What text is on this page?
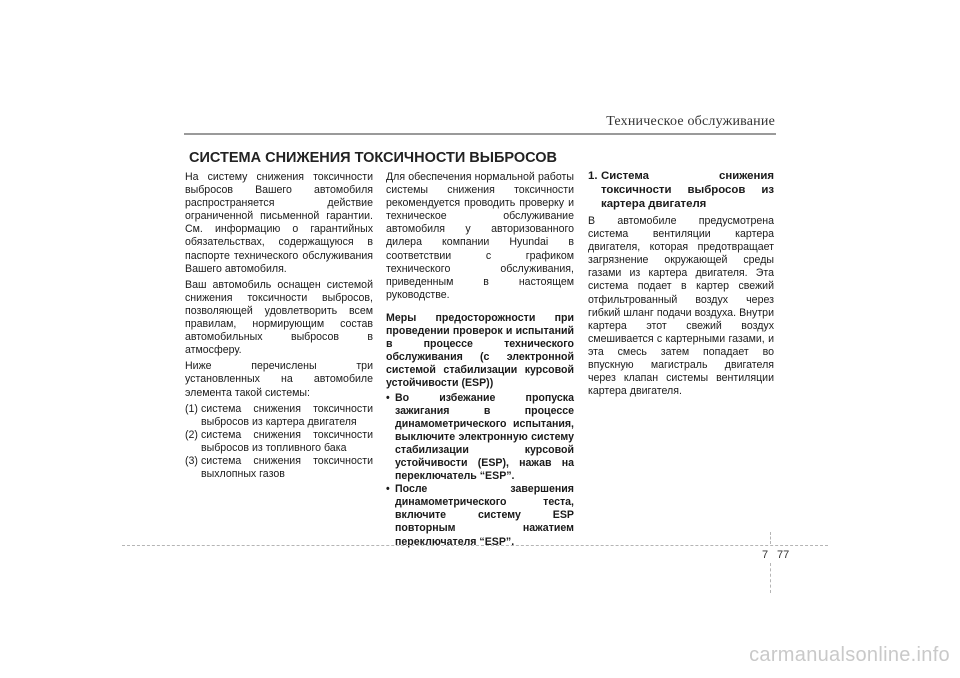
Техническое обслуживание
СИСТЕМА СНИЖЕНИЯ ТОКСИЧНОСТИ ВЫБРОСОВ

На систему снижения токсичности выбросов Вашего автомобиля распространяется действие ограниченной письменной гарантии. См. информацию о гарантийных обязательствах, содержащуюся в паспорте технического обслуживания Вашего автомобиля.

Ваш автомобиль оснащен системой снижения токсичности выбросов, позволяющей удовлетворить всем правилам, нормирующим состав автомобильных выбросов в атмосферу.

Ниже перечислены три установленных на автомобиле элемента такой системы:

(1) система снижения токсичности выбросов из картера двигателя
(2) система снижения токсичности выбросов из топливного бака
(3) система снижения токсичности выхлопных газов

Для обеспечения нормальной работы системы снижения токсичности рекомендуется проводить проверку и техническое обслуживание автомобиля у авторизованного дилера компании Hyundai в соответствии с графиком технического обслуживания, приведенным в настоящем руководстве.

Меры предосторожности при проведении проверок и испытаний в процессе технического обслуживания (с электронной системой стабилизации курсовой устойчивости (ESP))

• Во избежание пропуска зажигания в процессе динамометрического испытания, выключите электронную систему стабилизации курсовой устойчивости (ESP), нажав на переключатель “ESP”.
• После завершения динамометрического теста, включите систему ESP повторным нажатием переключателя “ESP”.
1. Система снижения токсичности выбросов из картера двигателя

В автомобиле предусмотрена система вентиляции картера двигателя, которая предотвращает загрязнение окружающей среды газами из картера двигателя. Эта система подает в картер свежий отфильтрованный воздух через гибкий шланг подачи воздуха. Внутри картера этот свежий воздух смешивается с картерными газами, и эта смесь затем попадает во впускную магистраль двигателя через клапан системы вентиляции картера двигателя.

7 77
carmanualsonline.info
